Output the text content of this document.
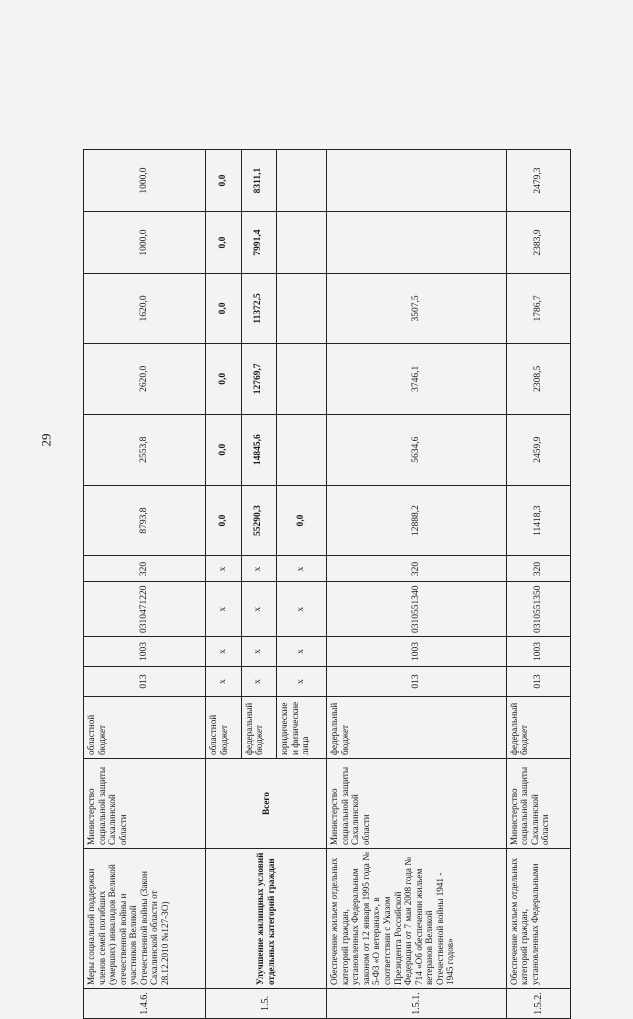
29
1.4.6.	Меры социальной поддержки членов семей погибших (умерших) инвалидов Великой отечественной войны и участников Великой Отечественной войны (Закон Сахалинской области от 28.12.2010 №127-ЗО)	Министерство социальной защиты Сахалинской области	областной бюджет	013	1003	0310471220	320	8793,8	2553,8	2620,0	1620,0	1000,0	1000,0
1.5.	Улучшение жилищных условий отдельных категорий граждан	Всего	областной бюджет	х	х	х	х	0,0	0,0	0,0	0,0	0,0	0,0
			федеральный бюджет	х	х	х	х	55290,3	14845,6	12769,7	11372,5	7991,4	8311,1
			юридические и физические лица	х	х	х	х	0,0					
1.5.1.	Обеспечение жильем отдельных категорий граждан, установленных Федеральным законом от 12 января 1995 года № 5-ФЗ «О ветеранах», в соответствии с Указом Президента Российской Федерации от 7 мая 2008 года № 714 «Об обеспечении жильем ветеранов Великой Отечественной войны 1941 - 1945 годов»	Министерство социальной защиты Сахалинской области	федеральный бюджет	013	1003	0310551340	320	12888,2	5634,6	3746,1	3507,5		
1.5.2.	Обеспечение жильем отдельных категорий граждан, установленных Федеральными	Министерство социальной защиты Сахалинской области	федеральный бюджет	013	1003	0310551350	320	11418,3	2459,9	2308,5	1786,7	2383,9	2479,3
